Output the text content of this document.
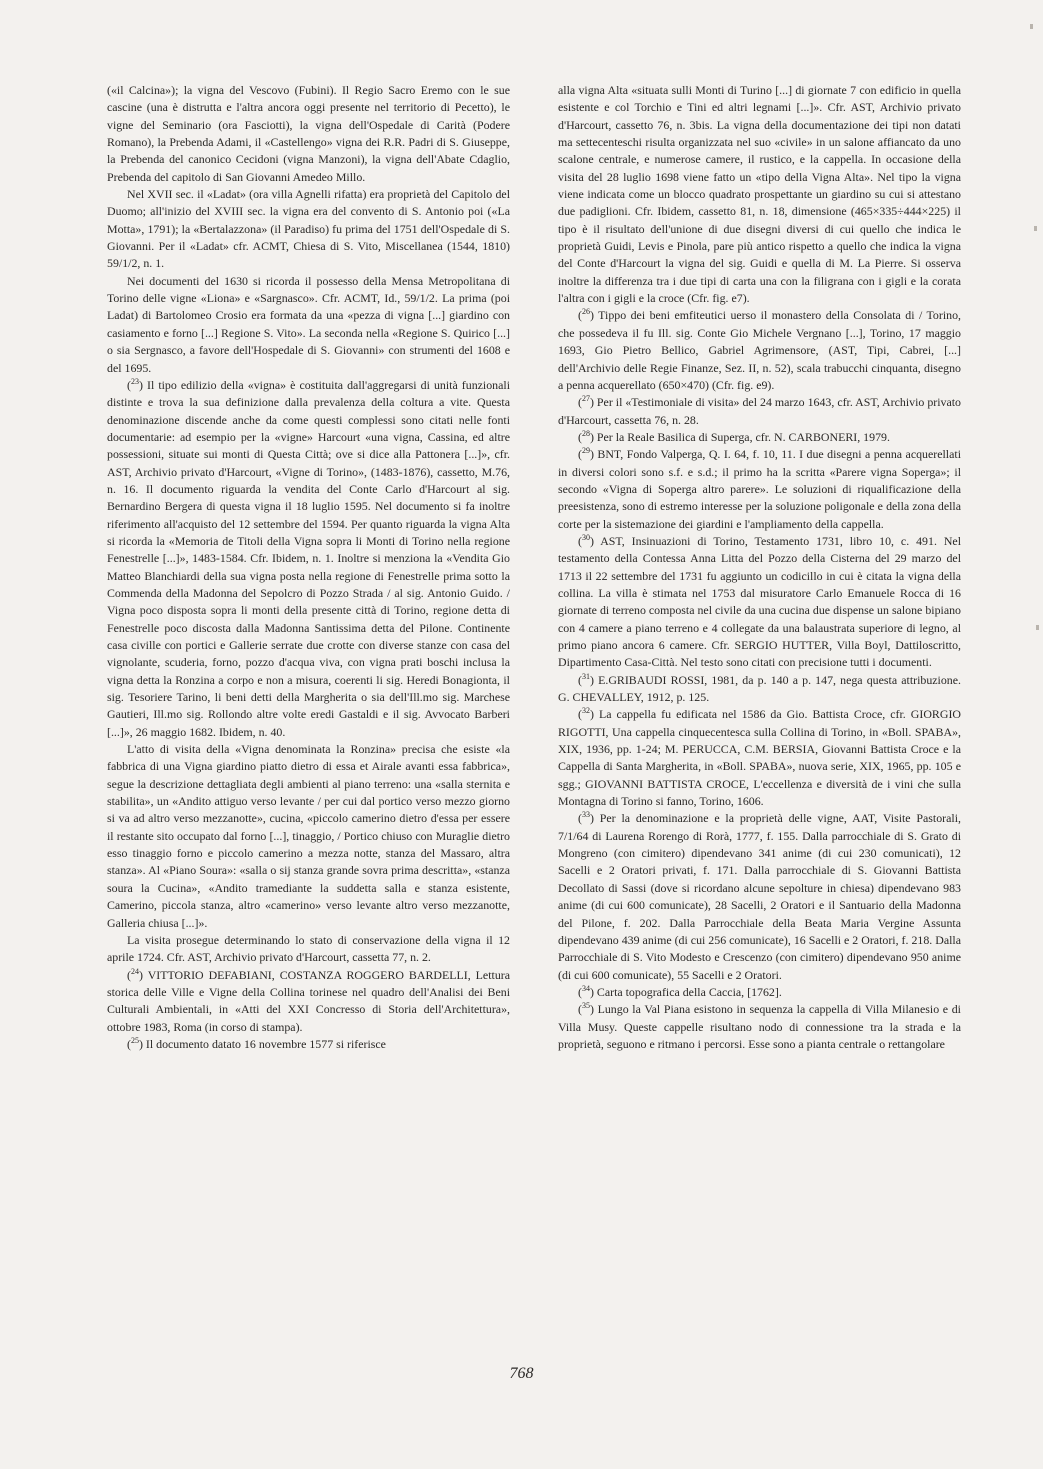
(«il Calcina»); la vigna del Vescovo (Fubini). Il Regio Sacro Eremo con le sue cascine (una è distrutta e l'altra ancora oggi presente nel territorio di Pecetto), le vigne del Seminario (ora Fasciotti), la vigna dell'Ospedale di Carità (Podere Romano), la Prebenda Adami, il «Castellengo» vigna dei R.R. Padri di S. Giuseppe, la Prebenda del canonico Cecidoni (vigna Manzoni), la vigna dell'Abate Cdaglio, Prebenda del capitolo di San Giovanni Amedeo Millo.

Nel XVII sec. il «Ladat» (ora villa Agnelli rifatta) era proprietà del Capitolo del Duomo; all'inizio del XVIII sec. la vigna era del convento di S. Antonio poi («La Motta», 1791); la «Bertalazzona» (il Paradiso) fu prima del 1751 dell'Ospedale di S. Giovanni. Per il «Ladat» cfr. ACMT, Chiesa di S. Vito, Miscellanea (1544, 1810) 59/1/2, n. 1.

Nei documenti del 1630 si ricorda il possesso della Mensa Metropolitana di Torino delle vigne «Liona» e «Sargnasco». Cfr. ACMT, Id., 59/1/2. La prima (poi Ladat) di Bartolomeo Crosio era formata da una «pezza di vigna [...] giardino con casiamento e forno [...] Regione S. Vito». La seconda nella «Regione S. Quirico [...] o sia Sergnasco, a favore dell'Hospedale di S. Giovanni» con strumenti del 1608 e del 1695.

($^{23}$) Il tipo edilizio della «vigna» è costituita dall'aggregarsi di unità funzionali distinte e trova la sua definizione dalla prevalenza della coltura a vite. Questa denominazione discende anche da come questi complessi sono citati nelle fonti documentarie: ad esempio per la «vigne» Harcourt «una vigna, Cassina, ed altre possessioni, situate sui monti di Questa Città; ove si dice alla Pattonera [...]», cfr. AST, Archivio privato d'Harcourt, «Vigne di Torino», (1483-1876), cassetto, M.76, n. 16. Il documento riguarda la vendita del Conte Carlo d'Harcourt al sig. Bernardino Bergera di questa vigna il 18 luglio 1595. Nel documento si fa inoltre riferimento all'acquisto del 12 settembre del 1594. Per quanto riguarda la vigna Alta si ricorda la «Memoria de Titoli della Vigna sopra li Monti di Torino nella regione Fenestrelle [...]», 1483-1584. Cfr. Ibidem, n. 1. Inoltre si menziona la «Vendita Gio Matteo Blanchiardi della sua vigna posta nella regione di Fenestrelle prima sotto la Commenda della Madonna del Sepolcro di Pozzo Strada / al sig. Antonio Guido. / Vigna poco disposta sopra li monti della presente città di Torino, regione detta di Fenestrelle poco discosta dalla Madonna Santissima detta del Pilone. Continente casa civille con portici e Gallerie serrate due crotte con diverse stanze con casa del vignolante, scuderia, forno, pozzo d'acqua viva, con vigna prati boschi inclusa la vigna detta la Ronzina a corpo e non a misura, coerenti li sig. Heredi Bonagionta, il sig. Tesoriere Tarino, li beni detti della Margherita o sia dell'Ill.mo sig. Marchese Gautieri, Ill.mo sig. Rollondo altre volte eredi Gastaldi e il sig. Avvocato Barberi [...]», 26 maggio 1682. Ibidem, n. 40.

L'atto di visita della «Vigna denominata la Ronzina» precisa che esiste «la fabbrica di una Vigna giardino piatto dietro di essa et Airale avanti essa fabbrica», segue la descrizione dettagliata degli ambienti al piano terreno: una «salla sternita e stabilita», un «Andito attiguo verso levante / per cui dal portico verso mezzo giorno si va ad altro verso mezzanotte», cucina, «piccolo camerino dietro d'essa per essere il restante sito occupato dal forno [...], tinaggio, / Portico chiuso con Muraglie dietro esso tinaggio forno e piccolo camerino a mezza notte, stanza del Massaro, altra stanza». Al «Piano Soura»: «salla o sij stanza grande sovra prima descritta», «stanza soura la Cucina», «Andito tramediante la suddetta salla e stanza esistente, Camerino, piccola stanza, altro «camerino» verso levante altro verso mezzanotte, Galleria chiusa [...]».

La visita prosegue determinando lo stato di conservazione della vigna il 12 aprile 1724. Cfr. AST, Archivio privato d'Harcourt, cassetta 77, n. 2.

($^{24}$) VITTORIO DEFABIANI, COSTANZA ROGGERO BARDELLI, Lettura storica delle Ville e Vigne della Collina torinese nel quadro dell'Analisi dei Beni Culturali Ambientali, in «Atti del XXI Concresso di Storia dell'Architettura», ottobre 1983, Roma (in corso di stampa).

($^{25}$) Il documento datato 16 novembre 1577 si riferisce

alla vigna Alta «situata sulli Monti di Turino [...] di giornate 7 con edificio in quella esistente e col Torchio e Tini ed altri legnami [...]». Cfr. AST, Archivio privato d'Harcourt, cassetto 76, n. 3bis. La vigna della documentazione dei tipi non datati ma settecenteschi risulta organizzata nel suo «civile» in un salone affiancato da uno scalone centrale, e numerose camere, il rustico, e la cappella. In occasione della visita del 28 luglio 1698 viene fatto un «tipo della Vigna Alta». Nel tipo la vigna viene indicata come un blocco quadrato prospettante un giardino su cui si attestano due padiglioni. Cfr. Ibidem, cassetto 81, n. 18, dimensione (465×335÷444×225) il tipo è il risultato dell'unione di due disegni diversi di cui quello che indica le proprietà Guidi, Levis e Pinola, pare più antico rispetto a quello che indica la vigna del Conte d'Harcourt la vigna del sig. Guidi e quella di M. La Pierre. Si osserva inoltre la differenza tra i due tipi di carta una con la filigrana con i gigli e la corata l'altra con i gigli e la croce (Cfr. fig. e7).

($^{26}$) Tippo dei beni emfiteutici uerso il monastero della Consolata di / Torino, che possedeva il fu Ill. sig. Conte Gio Michele Vergnano [...], Torino, 17 maggio 1693, Gio Pietro Bellico, Gabriel Agrimensore, (AST, Tipi, Cabrei, [...] dell'Archivio delle Regie Finanze, Sez. II, n. 52), scala trabucchi cinquanta, disegno a penna acquerellato (650×470) (Cfr. fig. e9).

($^{27}$) Per il «Testimoniale di visita» del 24 marzo 1643, cfr. AST, Archivio privato d'Harcourt, cassetta 76, n. 28.

($^{28}$) Per la Reale Basilica di Superga, cfr. N. CARBONERI, 1979.

($^{29}$) BNT, Fondo Valperga, Q. I. 64, f. 10, 11. I due disegni a penna acquerellati in diversi colori sono s.f. e s.d.; il primo ha la scritta «Parere vigna Soperga»; il secondo «Vigna di Soperga altro parere». Le soluzioni di riqualificazione della preesistenza, sono di estremo interesse per la soluzione poligonale e della zona della corte per la sistemazione dei giardini e l'ampliamento della cappella.

($^{30}$) AST, Insinuazioni di Torino, Testamento 1731, libro 10, c. 491. Nel testamento della Contessa Anna Litta del Pozzo della Cisterna del 29 marzo del 1713 il 22 settembre del 1731 fu aggiunto un codicillo in cui è citata la vigna della collina. La villa è stimata nel 1753 dal misuratore Carlo Emanuele Rocca di 16 giornate di terreno composta nel civile da una cucina due dispense un salone bipiano con 4 camere a piano terreno e 4 collegate da una balaustrata superiore di legno, al primo piano ancora 6 camere. Cfr. SERGIO HUTTER, Villa Boyl, Dattiloscritto, Dipartimento Casa-Città. Nel testo sono citati con precisione tutti i documenti.

($^{31}$) E.GRIBAUDI ROSSI, 1981, da p. 140 a p. 147, nega questa attribuzione. G. CHEVALLEY, 1912, p. 125.

($^{32}$) La cappella fu edificata nel 1586 da Gio. Battista Croce, cfr. GIORGIO RIGOTTI, Una cappella cinquecentesca sulla Collina di Torino, in «Boll. SPABA», XIX, 1936, pp. 1-24; M. PERUCCA, C.M. BERSIA, Giovanni Battista Croce e la Cappella di Santa Margherita, in «Boll. SPABA», nuova serie, XIX, 1965, pp. 105 e sgg.; GIOVANNI BATTISTA CROCE, L'eccellenza e diversità de i vini che sulla Montagna di Torino si fanno, Torino, 1606.

($^{33}$) Per la denominazione e la proprietà delle vigne, AAT, Visite Pastorali, 7/1/64 di Laurena Rorengo di Rorà, 1777, f. 155. Dalla parrocchiale di S. Grato di Mongreno (con cimitero) dipendevano 341 anime (di cui 230 comunicati), 12 Sacelli e 2 Oratori privati, f. 171. Dalla parrocchiale di S. Giovanni Battista Decollato di Sassi (dove si ricordano alcune sepolture in chiesa) dipendevano 983 anime (di cui 600 comunicate), 28 Sacelli, 2 Oratori e il Santuario della Madonna del Pilone, f. 202. Dalla Parrocchiale della Beata Maria Vergine Assunta dipendevano 439 anime (di cui 256 comunicate), 16 Sacelli e 2 Oratori, f. 218. Dalla Parrocchiale di S. Vito Modesto e Crescenzo (con cimitero) dipendevano 950 anime (di cui 600 comunicate), 55 Sacelli e 2 Oratori.

($^{34}$) Carta topografica della Caccia, [1762].

($^{35}$) Lungo la Val Piana esistono in sequenza la cappella di Villa Milanesio e di Villa Musy. Queste cappelle risultano nodo di connessione tra la strada e la proprietà, seguono e ritmano i percorsi. Esse sono a pianta centrale o rettangolare

768
